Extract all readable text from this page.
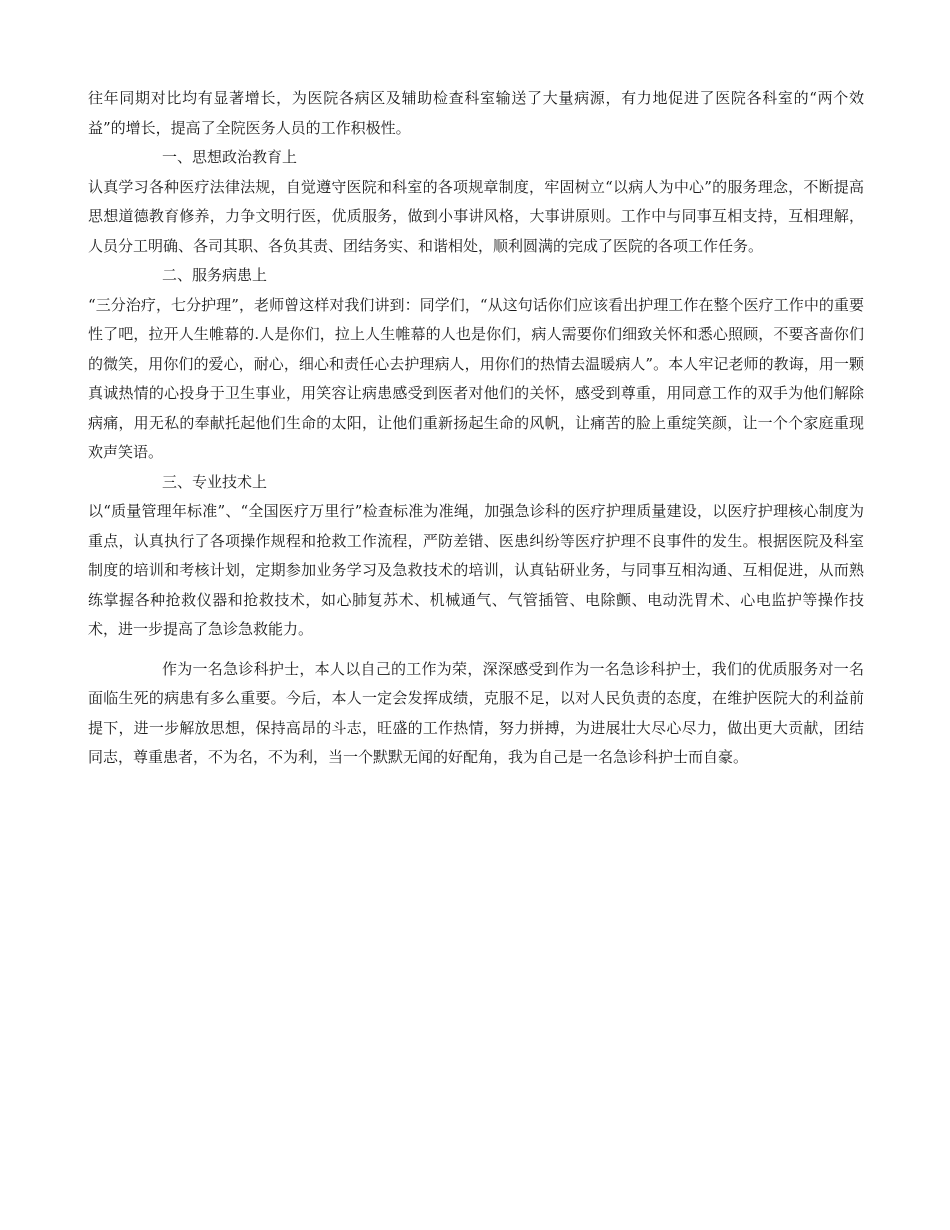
往年同期对比均有显著增长，为医院各病区及辅助检查科室输送了大量病源，有力地促进了医院各科室的“两个效益”的增长，提高了全院医务人员的工作积极性。

一、思想政治教育上

认真学习各种医疗法律法规，自觉遵守医院和科室的各项规章制度，牢固树立“以病人为中心”的服务理念，不断提高思想道德教育修养，力争文明行医，优质服务，做到小事讲风格，大事讲原则。工作中与同事互相支持，互相理解，人员分工明确、各司其职、各负其责、团结务实、和谐相处，顺利圆满的完成了医院的各项工作任务。

二、服务病患上

“三分治疗，七分护理”，老师曾这样对我们讲到：同学们，“从这句话你们应该看出护理工作在整个医疗工作中的重要性了吧，拉开人生帷幕的.人是你们，拉上人生帷幕的人也是你们，病人需要你们细致关怀和悉心照顾，不要吝啬你们的微笑，用你们的爱心，耐心，细心和责任心去护理病人，用你们的热情去温暖病人”。本人牢记老师的教诲，用一颗真诚热情的心投身于卫生事业，用笑容让病患感受到医者对他们的关怀，感受到尊重，用同意工作的双手为他们解除病痛，用无私的奉献托起他们生命的太阳，让他们重新扬起生命的风帆，让痛苦的脸上重绽笑颜，让一个个家庭重现欢声笑语。

三、专业技术上

以“质量管理年标准”、“全国医疗万里行”检查标准为准绳，加强急诊科的医疗护理质量建设，以医疗护理核心制度为重点，认真执行了各项操作规程和抢救工作流程，严防差错、医患纠纷等医疗护理不良事件的发生。根据医院及科室制度的培训和考核计划，定期参加业务学习及急救技术的培训，认真钻研业务，与同事互相沟通、互相促进，从而熟练掌握各种抢救仪器和抢救技术，如心肺复苏术、机械通气、气管插管、电除颤、电动洗胃术、心电监护等操作技术，进一步提高了急诊急救能力。

作为一名急诊科护士，本人以自己的工作为荣，深深感受到作为一名急诊科护士，我们的优质服务对一名面临生死的病患有多么重要。今后，本人一定会发挥成绩，克服不足，以对人民负责的态度，在维护医院大的利益前提下，进一步解放思想，保持高昂的斗志，旺盛的工作热情，努力拼搏，为进展壮大尽心尽力，做出更大贡献，团结同志，尊重患者，不为名，不为利，当一个默默无闻的好配角，我为自己是一名急诊科护士而自豪。
